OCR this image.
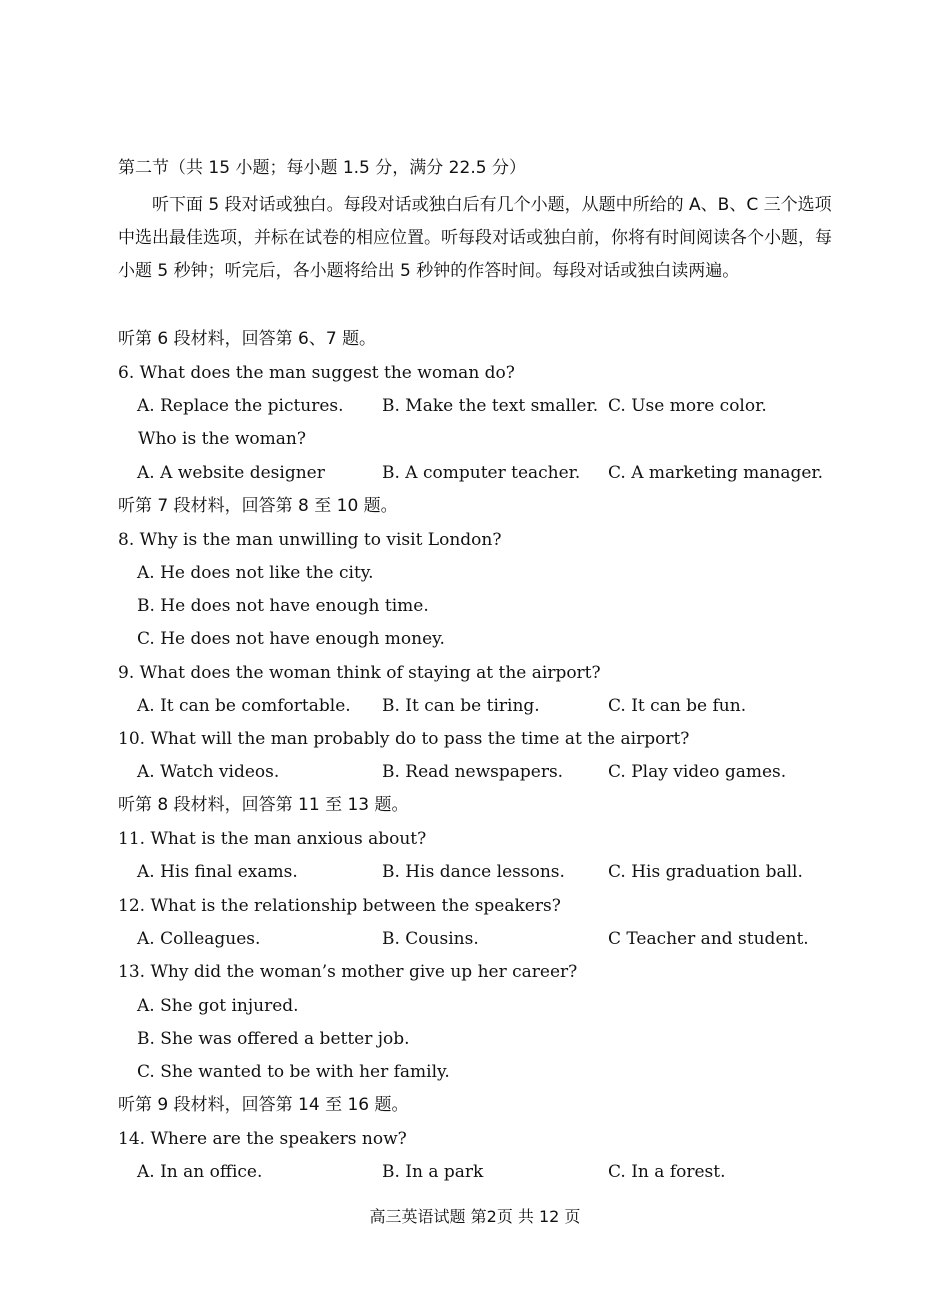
第二节（共 15 小题；每小题 1.5 分，满分 22.5 分）
听下面 5 段对话或独白。每段对话或独白后有几个小题，从题中所给的 A、B、C 三个选项中选出最佳选项，并标在试卷的相应位置。听每段对话或独白前，你将有时间阅读各个小题，每小题 5 秒钟；听完后，各小题将给出 5 秒钟的作答时间。每段对话或独白读两遍。
听第 6 段材料，回答第 6、7 题。
6. What does the man suggest the woman do?
A. Replace the pictures. B. Make the text smaller. C. Use more color.
Who is the woman?
A. A website designer	B. A computer teacher. C. A marketing manager.
听第 7 段材料，回答第 8 至 10 题。
8. Why is the man unwilling to visit London?
A. He does not like the city.
B. He does not have enough time.
C. He does not have enough money.
9. What does the woman think of staying at the airport?
A. It can be comfortable. B. It can be tiring.	C. It can be fun.
10. What will the man probably do to pass the time at the airport?
A. Watch videos.	B. Read newspapers.	C. Play video games.
听第 8 段材料，回答第 11 至 13 题。
11. What is the man anxious about?
A. His final exams.	B. His dance lessons.	C. His graduation ball.
12. What is the relationship between the speakers?
A. Colleagues.	B. Cousins.	C Teacher and student.
13. Why did the woman’s mother give up her career?
A. She got injured.
B. She was offered a better job.
C. She wanted to be with her family.
听第 9 段材料，回答第 14 至 16 题。
14. Where are the speakers now?
A. In an office.	B. In a park	C. In a forest.
高三英语试题 第2页 共 12 页
